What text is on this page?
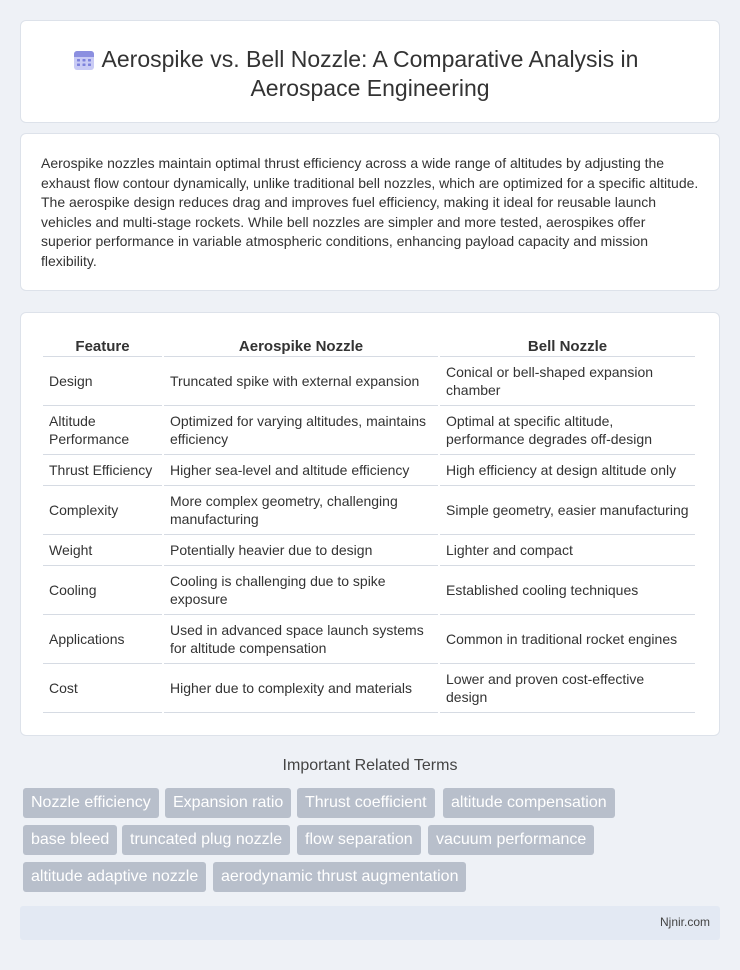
Aerospike vs. Bell Nozzle: A Comparative Analysis in
Aerospace Engineering

Aerospike nozzles maintain optimal thrust efficiency across a wide range of altitudes by adjusting the exhaust flow contour dynamically, unlike traditional bell nozzles, which are optimized for a specific altitude. The aerospike design reduces drag and improves fuel efficiency, making it ideal for reusable launch vehicles and multi-stage rockets. While bell nozzles are simpler and more tested, aerospikes offer superior performance in variable atmospheric conditions, enhancing payload capacity and mission flexibility.

Feature	Aerospike Nozzle	Bell Nozzle
Design	Truncated spike with external expansion	Conical or bell-shaped expansion chamber
Altitude Performance	Optimized for varying altitudes, maintains efficiency	Optimal at specific altitude, performance degrades off-design
Thrust Efficiency	Higher sea-level and altitude efficiency	High efficiency at design altitude only
Complexity	More complex geometry, challenging manufacturing	Simple geometry, easier manufacturing
Weight	Potentially heavier due to design	Lighter and compact
Cooling	Cooling is challenging due to spike exposure	Established cooling techniques
Applications	Used in advanced space launch systems for altitude compensation	Common in traditional rocket engines
Cost	Higher due to complexity and materials	Lower and proven cost-effective design
Important Related Terms
Nozzle efficiency	Expansion ratio	Thrust coefficient	altitude compensation
base bleed	truncated plug nozzle	flow separation	vacuum performance
altitude adaptive nozzle	aerodynamic thrust augmentation
Njnir.com
